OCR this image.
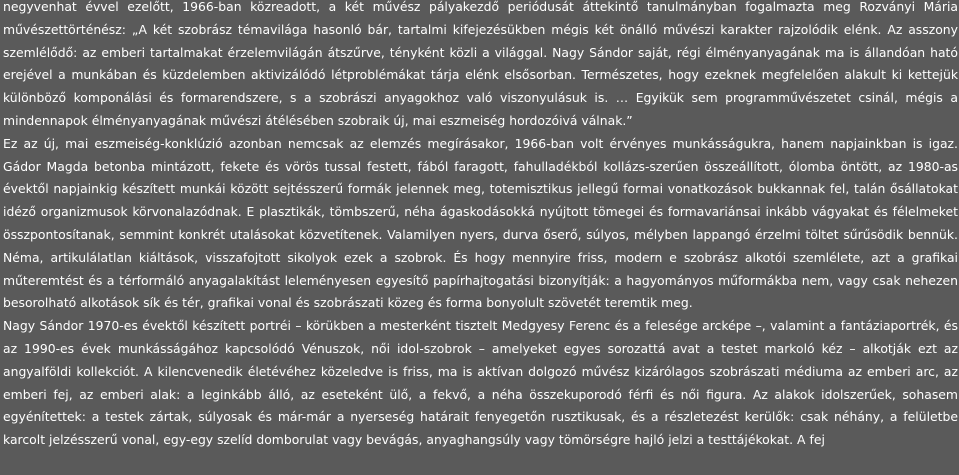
negyvenhat évvel ezelőtt, 1966-ban közreadott, a két művész pályakezdő periódusát áttekintő tanulmányban fogalmazta meg Rozványi Mária művészettörténész: „A két szobrász témavilága hasonló bár, tartalmi kifejezésükben mégis két önálló művészi karakter rajzolódik elénk. Az asszony szemlélődő: az emberi tartalmakat érzelemvilágán átszűrve, tényként közli a világgal. Nagy Sándor saját, régi élményanyagának ma is állandóan ható erejével a munkában és küzdelemben aktivizálódó létproblémákat tárja elénk elsősorban. Természetes, hogy ezeknek megfelelően alakult ki kettejük különböző komponálási és formarendszere, s a szobrászi anyagokhoz való viszonyulásuk is. … Egyikük sem programművészetet csinál, mégis a mindennapok élményanyagának művészi átélésében szobraik új, mai eszmeiség hordozóivá válnak.”

Ez az új, mai eszmeiség-konklúzió azonban nemcsak az elemzés megírásakor, 1966-ban volt érvényes munkásságukra, hanem napjainkban is igaz. Gádor Magda betonba mintázott, fekete és vörös tussal festett, fából faragott, fahulladékból kollázs-szerűen összeállított, ólomba öntött, az 1980-as évektől napjainkig készített munkái között sejtésszerű formák jelennek meg, totemisztikus jellegű formai vonatkozások bukkannak fel, talán ősállatokat idéző organizmusok körvonalazódnak. E plasztikák, tömbszerű, néha ágaskodásokká nyújtott tömegei és formavariánsai inkább vágyakat és félelmeket összpontosítanak, semmint konkrét utalásokat közvetítenek. Valamilyen nyers, durva őserő, súlyos, mélyben lappangó érzelmi töltet sűrűsödik bennük. Néma, artikulálatlan kiáltások, visszafojtott sikolyok ezek a szobrok. És hogy mennyire friss, modern e szobrász alkotói szemlélete, azt a grafikai műteremtést és a térformáló anyagalakítást leleményesen egyesítő papírhajtogatási bizonyítják: a hagyományos műformákba nem, vagy csak nehezen besorolható alkotások sík és tér, grafikai vonal és szobrászati közeg és forma bonyolult szövetét teremtik meg.

Nagy Sándor 1970-es évektől készített portréi – körükben a mesterként tisztelt Medgyesy Ferenc és a felesége arcképe –, valamint a fantáziaportrék, és az 1990-es évek munkásságához kapcsolódó Vénuszok, női idol-szobrok – amelyeket egyes sorozattá avat a testet markoló kéz – alkotják ezt az angyalföldi kollekciót. A kilencvenedik életévéhez közeledve is friss, ma is aktívan dolgozó művész kizárólagos szobrászati médiuma az emberi arc, az emberi fej, az emberi alak: a leginkább álló, az eseteként ülő, a fekvő, a néha összekuporodó férfi és női figura. Az alakok idolszerűek, sohasem egyénítettek: a testek zártak, súlyosak és már-már a nyerseség határait fenyegetőn rusztikusak, és a részletezést kerülők: csak néhány, a felületbe karcolt jelzésszerű vonal, egy-egy szelíd domborulat vagy bevágás, anyaghangsúly vagy tömörségre hajló jelzi a testtájékokat. A fej
